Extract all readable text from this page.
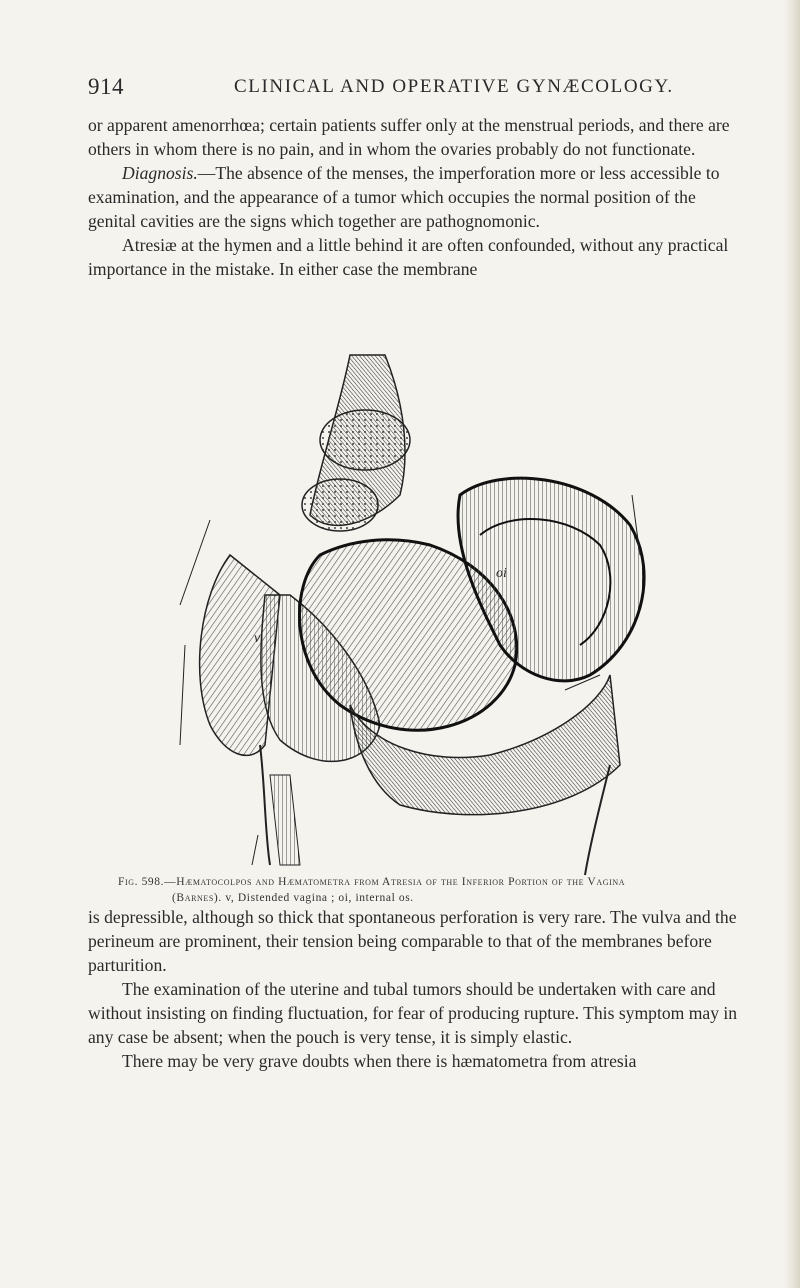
914	CLINICAL AND OPERATIVE GYNÆCOLOGY.

or apparent amenorrhœa; certain patients suffer only at the menstrual periods, and there are others in whom there is no pain, and in whom the ovaries probably do not functionate.

Diagnosis.—The absence of the menses, the imperforation more or less accessible to examination, and the appearance of a tumor which occupies the normal position of the genital cavities are the signs which together are pathognomonic.

Atresiæ at the hymen and a little behind it are often confounded, without any practical importance in the mistake. In either case the membrane

v
oi
Fig. 598.—Hæmatocolpos and Hæmatometra from Atresia of the Inferior Portion of the Vagina
(Barnes). v, Distended vagina ; oi, internal os.

is depressible, although so thick that spontaneous perforation is very rare. The vulva and the perineum are prominent, their tension being comparable to that of the membranes before parturition.

The examination of the uterine and tubal tumors should be undertaken with care and without insisting on finding fluctuation, for fear of producing rupture. This symptom may in any case be absent; when the pouch is very tense, it is simply elastic.

There may be very grave doubts when there is hæmatometra from atresia
